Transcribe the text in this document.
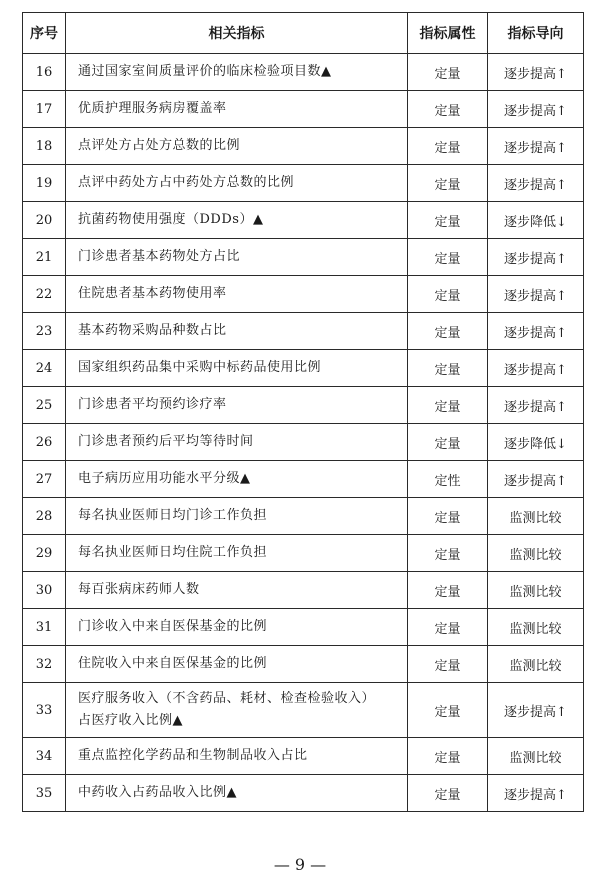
序号	相关指标	指标属性	指标导向
16	通过国家室间质量评价的临床检验项目数▲	定量	逐步提高↑
17	优质护理服务病房覆盖率	定量	逐步提高↑
18	点评处方占处方总数的比例	定量	逐步提高↑
19	点评中药处方占中药处方总数的比例	定量	逐步提高↑
20	抗菌药物使用强度（DDDs）▲	定量	逐步降低↓
21	门诊患者基本药物处方占比	定量	逐步提高↑
22	住院患者基本药物使用率	定量	逐步提高↑
23	基本药物采购品种数占比	定量	逐步提高↑
24	国家组织药品集中采购中标药品使用比例	定量	逐步提高↑
25	门诊患者平均预约诊疗率	定量	逐步提高↑
26	门诊患者预约后平均等待时间	定量	逐步降低↓
27	电子病历应用功能水平分级▲	定性	逐步提高↑
28	每名执业医师日均门诊工作负担	定量	监测比较
29	每名执业医师日均住院工作负担	定量	监测比较
30	每百张病床药师人数	定量	监测比较
31	门诊收入中来自医保基金的比例	定量	监测比较
32	住院收入中来自医保基金的比例	定量	监测比较
33	医疗服务收入（不含药品、耗材、检查检验收入）
占医疗收入比例▲	定量	逐步提高↑
34	重点监控化学药品和生物制品收入占比	定量	监测比较
35	中药收入占药品收入比例▲	定量	逐步提高↑
— 9 —
